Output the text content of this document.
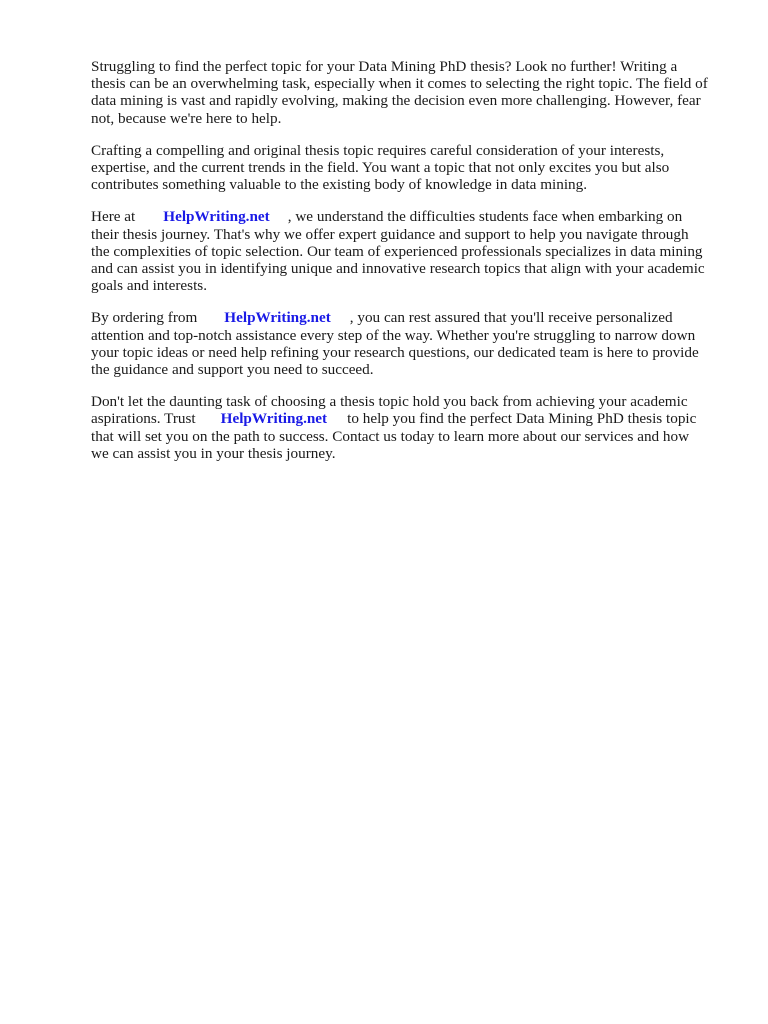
Struggling to find the perfect topic for your Data Mining PhD thesis? Look no further! Writing a
thesis can be an overwhelming task, especially when it comes to selecting the right topic. The field of
data mining is vast and rapidly evolving, making the decision even more challenging. However, fear
not, because we're here to help.

Crafting a compelling and original thesis topic requires careful consideration of your interests,
expertise, and the current trends in the field. You want a topic that not only excites you but also
contributes something valuable to the existing body of knowledge in data mining.

Here at HelpWriting.net , we understand the difficulties students face when embarking on
their thesis journey. That's why we offer expert guidance and support to help you navigate through
the complexities of topic selection. Our team of experienced professionals specializes in data mining
and can assist you in identifying unique and innovative research topics that align with your academic
goals and interests.

By ordering from HelpWriting.net , you can rest assured that you'll receive personalized
attention and top-notch assistance every step of the way. Whether you're struggling to narrow down
your topic ideas or need help refining your research questions, our dedicated team is here to provide
the guidance and support you need to succeed.

Don't let the daunting task of choosing a thesis topic hold you back from achieving your academic
aspirations. Trust HelpWriting.net to help you find the perfect Data Mining PhD thesis topic
that will set you on the path to success. Contact us today to learn more about our services and how
we can assist you in your thesis journey.
